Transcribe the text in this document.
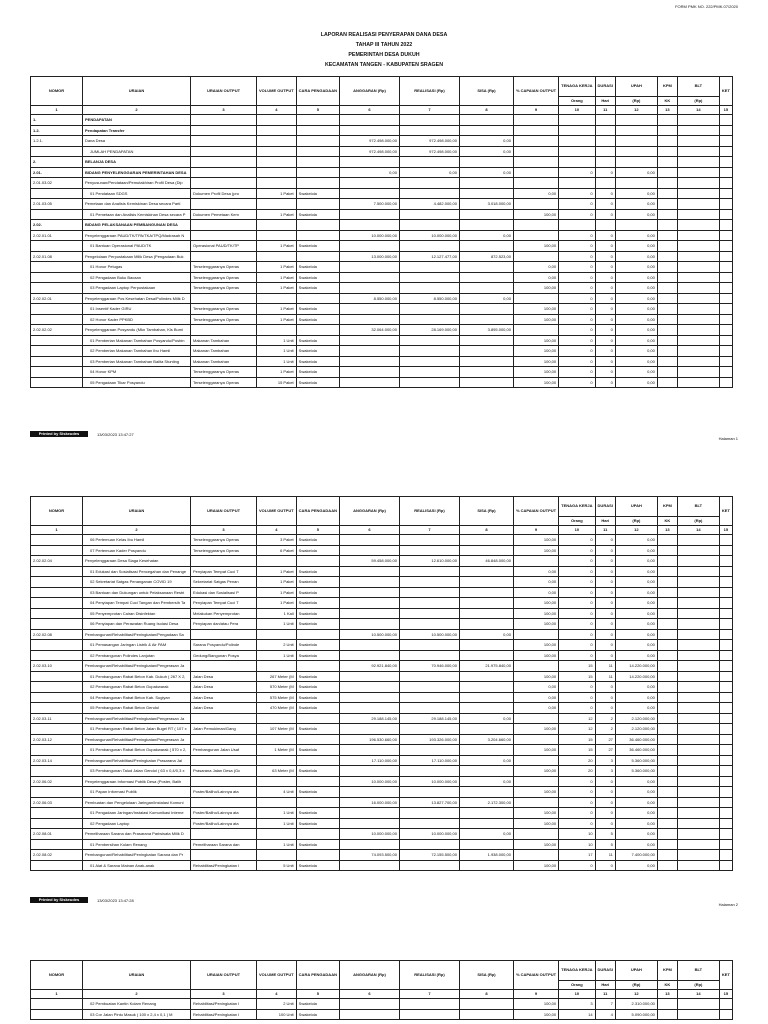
FORM PMK NO. 222/PMK.07/2020
LAPORAN REALISASI PENYERAPAN DANA DESA
TAHAP III TAHUN 2022
PEMERINTAH DESA DUKUH
KECAMATAN TANGEN - KABUPATEN SRAGEN
NOMOR	URAIAN	URAIAN OUTPUT	VOLUME OUTPUT	CARA PENGADAAN	ANGGARAN (Rp)	REALISASI (Rp)	SISA (Rp)	% CAPAIAN OUTPUT	TENAGA KERJA	DURASI	UPAH	KPM	BLT	KET
									Orang	Hari	(Rp)	KK	(Rp)	
1	2	3	4	5	6	7	8	9	10	11	12	13	14	15
1.	PENDAPATAN													
1.2.	Pendapatan Transfer													
1.2.1.	Dana Desa				972.498.000,00	972.498.000,00	0,00							
	JUMLAH PENDAPATAN				972.498.000,00	972.498.000,00	0,00							
2.	BELANJA DESA													
2.01.	BIDANG PENYELENGGARAN PEMERINTAHAN DESA				0,00	0,00	0,00		0	0	0,00			
2.01.03.02	Penyusunan/Pendataan/Pemutakhiran Profil Desa (Dip													
	01 Pendataan SDGS	Dokumen Profil Desa (pro	1 Paket	Swakelola				0,00	0	0	0,00			
2.01.03.05	Pemetaan dan Analisis Kemiskinan Desa secara Parti				7.500.000,00	4.482.000,00	3.018.000,00		0	0	0,00			
	01 Pemetaan dan Analisis Kemiskinan Desa secara P	Dokumen Pemetaan Kem	1 Paket	Swakelola				100,00	0	0	0,00			
2.02.	BIDANG PELAKSANAAN PEMBANGUNAN DESA													
2.02.01.01	Penyelenggaraan PAUD/TK/TPA/TKA/TPQ/Madrasah N				10.000.000,00	10.000.000,00	0,00		0	0	0,00			
	01 Bantuan Operasional PAUD/TK	Operasional PAUD/TK/TP	1 Paket	Swakelola				100,00	0	0	0,00			
2.02.01.08	Pengelolaan Perpustakaan Milik Desa (Pengadaan Buk				13.000.000,00	12.127.477,00	872.523,00		0	0	0,00			
	01 Honor Petugas	Terselenggaranya Operas	1 Paket	Swakelola				0,00	0	0	0,00			
	02 Pengadaan Buku Bacaan	Terselenggaranya Operas	1 Paket	Swakelola				0,00	0	0	0,00			
	03 Pengadaan Laptop Perpustakaan	Terselenggaranya Operas	1 Paket	Swakelola				100,00	0	0	0,00			
2.02.02.01	Penyelenggaraan Pos Kesehatan Desa/Polindes Milik D				8.550.000,00	8.550.000,00	0,00		0	0	0,00			
	01 Insentif Kader GIRU	Terselenggaranya Operas	1 Paket	Swakelola				100,00	0	0	0,00			
	02 Honor Kader PPKBD	Terselenggaranya Operas	1 Paket	Swakelola				100,00	0	0	0,00			
2.02.02.02	Penyelenggaraan Posyandu (Mkn Tambahan, Kls Bumi				32.064.000,00	28.169.000,00	3.895.000,00		0	0	0,00			
	01 Pemberian Makanan Tambahan Posyandu/Posbin	Makanan Tambahan	1 Unit	Swakelola				100,00	0	0	0,00			
	02 Pemberian Makanan Tambahan Ibu Hamil	Makanan Tambahan	1 Unit	Swakelola				100,00	0	0	0,00			
	03 Pemberian Makanan Tambahan Balita Stunting	Makanan Tambahan	1 Unit	Swakelola				100,00	0	0	0,00			
	04 Honor KPM	Terselenggaranya Operas	1 Paket	Swakelola				100,00	0	0	0,00			
	05 Pengadaan Tikar Posyandu	Terselenggaranya Operas	15 Paket	Swakelola				100,00	0	0	0,00			
Printed by Siskeudes	13/03/2023 13:47:27
Halaman 1
NOMOR	URAIAN	URAIAN OUTPUT	VOLUME OUTPUT	CARA PENGADAAN	ANGGARAN (Rp)	REALISASI (Rp)	SISA (Rp)	% CAPAIAN OUTPUT	TENAGA KERJA	DURASI	UPAH	KPM	BLT	KET
									Orang	Hari	(Rp)	KK	(Rp)	
1	2	3	4	5	6	7	8	9	10	11	12	13	14	15
	06 Pertemuan Kelas Ibu Hamil	Terselenggaranya Operas	3 Paket	Swakelola				100,00	0	0	0,00			
	07 Pertemuan Kader Posyandu	Terselenggaranya Operas	6 Paket	Swakelola				100,00	0	0	0,00			
2.02.02.04	Penyelenggaraan Desa Siaga Kesehatan				59.458.000,00	12.610.000,00	46.848.000,00		0	0	0,00			
	01 Edukasi dan Sosialisasi Pencegahan dan Penange	Penyiapan Tempat Cuci T	1 Paket	Swakelola				0,00	0	0	0,00			
	02 Sekretariat Satgas Penanganan COVID 19	Sekretariat Satgas Penan	1 Paket	Swakelola				0,00	0	0	0,00			
	03 Bantuan dan Dukungan untuk Pelaksanaan Restri	Edukasi dan Sosialisasi P	1 Paket	Swakelola				0,00	0	0	0,00			
	04 Penyiapan Tempat Cuci Tangan dan Pembersih Ta	Penyiapan Tempat Cuci T	1 Paket	Swakelola				100,00	0	0	0,00			
	05 Penyemprotan Cairan Disinfektan	Melakukan Penyemprotan	1 Kali	Swakelola				100,00	0	0	0,00			
	06 Penyiapan dan Perawatan Ruang Isolasi Desa	Penyiapan dan/atau Pera	1 Unit	Swakelola				100,00	0	0	0,00			
2.02.02.08	Pembangunan/Rehabilitasi/Peningkatan/Pengadaan Sa				10.500.000,00	10.500.000,00	0,00		0	0	0,00			
	01 Pemasangan Jaringan Listrik & Air PAM	Sarana Posyandu/Polinde	2 Unit	Swakelola				100,00	0	0	0,00			
	02 Pembangunan Polindes Lanjutan	Gedung/Bangunan Posya	1 Unit	Swakelola				100,00	0	0	0,00			
2.02.03.10	Pembangunan/Rehabilitasi/Peningkatan/Pengerasan Ja				92.921.840,00	70.946.000,00	21.975.840,00		15	11	14.220.000,00			
	01 Pembangunan Rabat Beton Kab. Dukuh ( 267 X 2,	Jalan Desa	267 Meter (M	Swakelola				100,00	15	11	14.220.000,00			
	02 Pembangunan Rabat Beton Gupakwarak	Jalan Desa	570 Meter (M	Swakelola				0,00	0	0	0,00			
	04 Pembangunan Rabat Beton Kab. Sugiyan	Jalan Desa	575 Meter (M	Swakelola				0,00	0	0	0,00			
	05 Pembangunan Rabat Beton Gendol	Jalan Desa	470 Meter (M	Swakelola				0,00	0	0	0,00			
2.02.03.11	Pembangunan/Rehabilitasi/Peningkatan/Pengerasan Ja				29.188.145,00	29.188.145,00	0,00		12	2	2.120.000,00			
	01 Pembangunan Rabat Beton Jalan Bugel RT ( 107 x	Jalan Pemukiman/Gang	107 Meter (M	Swakelola				100,00	12	2	2.120.000,00			
2.02.03.12	Pembangunan/Rehabilitasi/Peningkatan/Pengerasan Ja				196.530.660,00	193.326.000,00	3.204.660,00		15	27	36.460.000,00			
	01 Pembangunan Rabat Beton Gupakwarak ( 570 x 2,	Pembangunan Jalan Usaf	1 Meter (M	Swakelola				100,00	15	27	36.460.000,00			
2.02.03.14	Pembangunan/Rehabilitasi/Peningkatan Prasarana Jal				17.110.000,00	17.110.000,00	0,00		20	3	5.360.000,00			
	03 Pembangunan Talud Jalan Gendol ( 63 x 0,4/0,3 x	Prasarana Jalan Desa (Gc	63 Meter (M	Swakelola				100,00	20	3	5.360.000,00			
2.02.06.02	Penyelenggaraan Informasi Publik Desa (Poster, Balih				10.000.000,00	10.000.000,00	0,00		0	0	0,00			
	01 Papan Informasi Publik	Poster/Baliho/Lainnya ata	4 Unit	Swakelola				100,00	0	0	0,00			
2.02.06.03	Pembuatan dan Pengelolaan Jaringan/Instalasi Komuni				16.000.000,00	13.827.700,00	2.172.300,00		0	0	0,00			
	01 Pengadaan Jaringan/Instalasi Komunikasi Interne	Poster/Baliho/Lainnya ata	1 Unit	Swakelola				100,00	0	0	0,00			
	02 Pengadaan Laptop	Poster/Baliho/Lainnya ata	1 Unit	Swakelola				100,00	0	0	0,00			
2.02.08.01	Pemeliharaan Sarana dan Prasarana Pariwisata Milik D				10.000.000,00	10.000.000,00	0,00		10	5	0,00			
	01 Pembersihan Kolam Renang	Pemeliharaan Sarana dan	1 Unit	Swakelola				100,00	10	5	0,00			
2.02.08.02	Pembangunan/Rehabilitasi/Peningkatan Sarana dan Pr				74.093.500,00	72.155.500,00	1.938.000,00		17	11	7.400.000,00			
	01 Alat & Sarana Mainan Anak-anak	Rehabilitasi/Peningkatan I	5 Unit	Swakelola				100,00	0	0	0,00			
Printed by Siskeudes	13/03/2023 13:47:28
Halaman 2
NOMOR	URAIAN	URAIAN OUTPUT	VOLUME OUTPUT	CARA PENGADAAN	ANGGARAN (Rp)	REALISASI (Rp)	SISA (Rp)	% CAPAIAN OUTPUT	TENAGA KERJA	DURASI	UPAH	KPM	BLT	KET
									Orang	Hari	(Rp)	KK	(Rp)	
1	2	3	4	5	6	7	8	9	10	11	12	13	14	15
	02 Pembuatan Kantin Kolam Renang	Rehabilitasi/Peningkatan I	2 Unit	Swakelola				100,00	3	7	2.310.000,00			
	03 Cor Jalan Pintu Masuk ( 100 x 2,4 x 0,1 ) M	Rehabilitasi/Peningkatan I	100 Unit	Swakelola				100,00	14	4	5.090.000,00			
